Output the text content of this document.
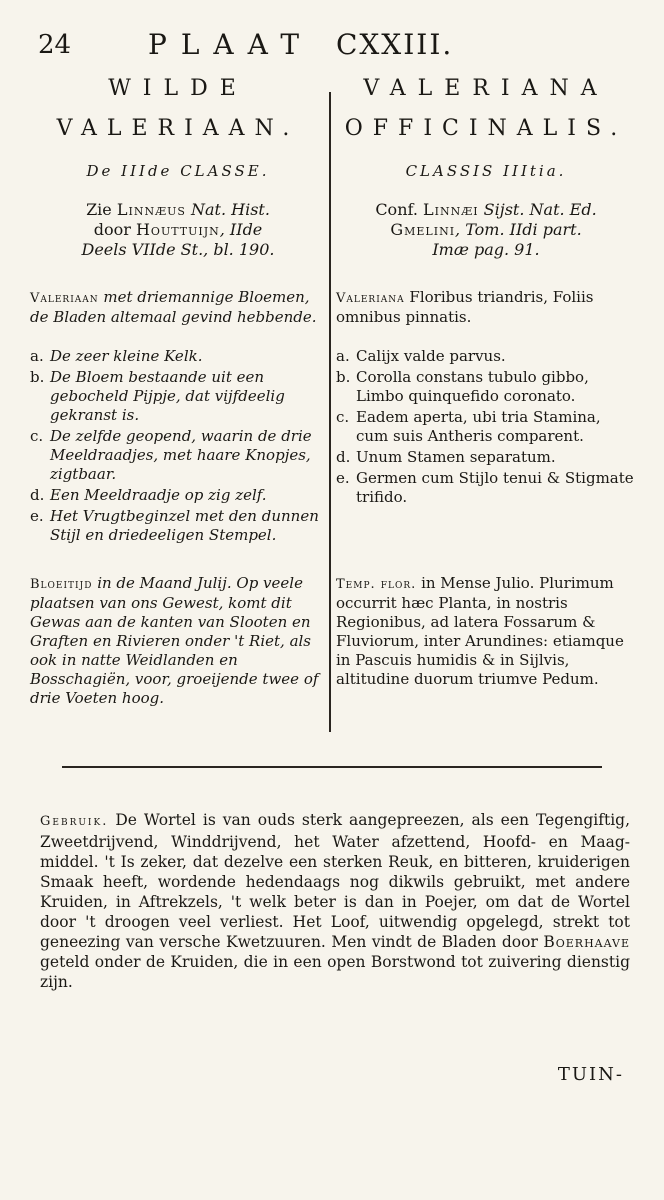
24	PLAAT CXXIII.
WILDE
VALERIAAN.
De IIIde CLASSE.
Zie Linnæus Nat. Hist.
door Houttuijn, IIde
Deels VIIde St., bl. 190.
Valeriaan met driemannige Bloemen, de Bladen altemaal gevind hebbende.
a. De zeer kleine Kelk.
b. De Bloem bestaande uit een gebocheld Pijpje, dat vijfdeelig gekranst is.
c. De zelfde geopend, waarin de drie Meeldraadjes, met haare Knopjes, zigtbaar.
d. Een Meeldraadje op zig zelf.
e. Het Vrugtbeginzel met den dunnen Stijl en driedeeligen Stempel.
Bloeitijd in de Maand Julij. Op veele plaatsen van ons Gewest, komt dit Gewas aan de kanten van Slooten en Graften en Rivieren onder 't Riet, als ook in natte Weidlanden en Bosschagiën, voor, groeijende twee of drie Voeten hoog.
VALERIANA
OFFICINALIS.
CLASSIS IIItia.
Conf. Linnæi Sijst. Nat. Ed.
Gmelini, Tom. IIdi part.
Imæ pag. 91.
Valeriana Floribus triandris, Foliis omnibus pinnatis.
a. Calijx valde parvus.
b. Corolla constans tubulo gibbo, Limbo quinquefido coronato.
c. Eadem aperta, ubi tria Stamina, cum suis Antheris comparent.
d. Unum Stamen separatum.
e. Germen cum Stijlo tenui & Stigmate trifido.
Temp. flor. in Mense Julio. Plurimum occurrit hæc Planta, in nostris Regionibus, ad latera Fossarum & Fluviorum, inter Arundines: etiamque in Pascuis humidis & in Sijlvis, altitudine duorum triumve Pedum.
Gebruik. De Wortel is van ouds sterk aangepreezen, als een Tegengiftig, Zweetdrijvend, Winddrijvend, het Water afzettend, Hoofd- en Maag-middel. 't Is zeker, dat dezelve een sterken Reuk, en bitteren, kruiderigen Smaak heeft, wordende hedendaags nog dikwils gebruikt, met andere Kruiden, in Aftrekzels, 't welk beter is dan in Poejer, om dat de Wortel door 't droogen veel verliest. Het Loof, uitwendig opgelegd, strekt tot geneezing van versche Kwetzuuren. Men vindt de Bladen door Boerhaave geteld onder de Kruiden, die in een open Borstwond tot zuivering dienstig zijn.
TUIN-
